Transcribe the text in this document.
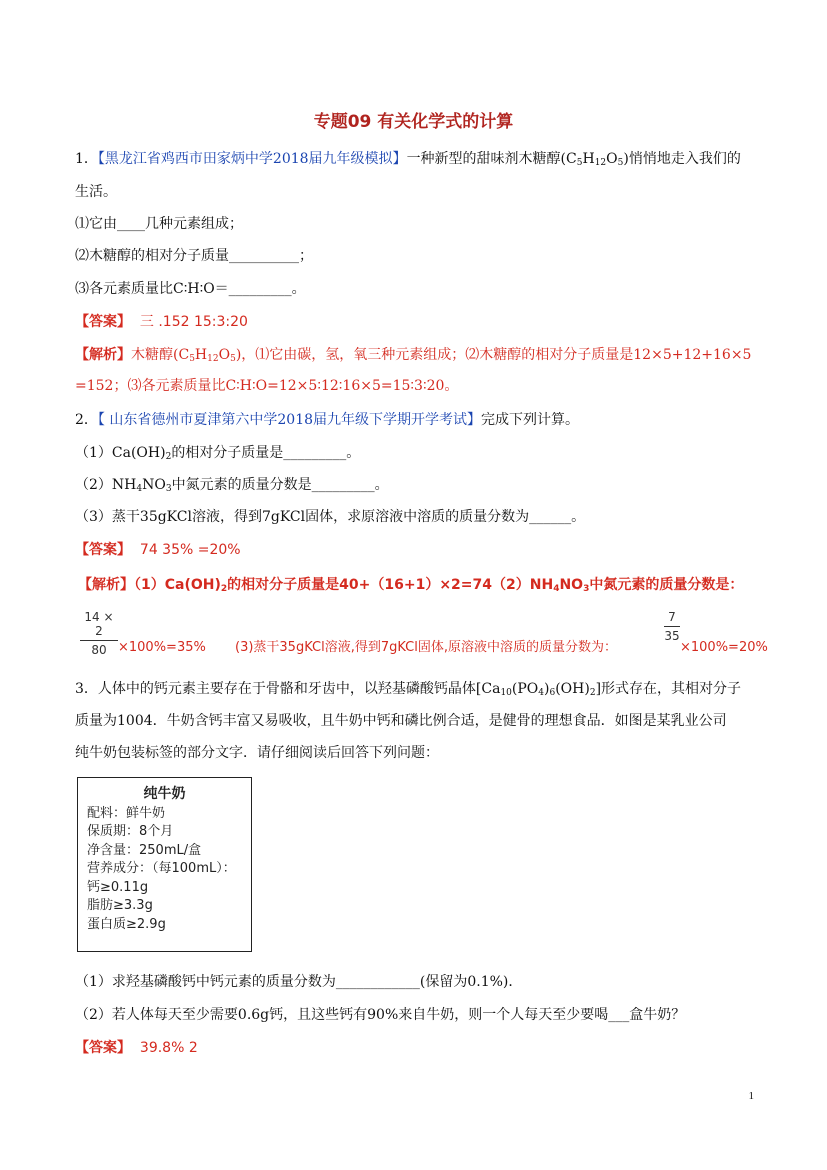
专题09 有关化学式的计算
1．【黑龙江省鸡西市田家炳中学2018届九年级模拟】一种新型的甜味剂木糖醇$(C_5H_{12}O_5)$悄悄地走入我们的
生活。
⑴它由____几种元素组成；
⑵木糖醇的相对分子质量__________；
⑶各元素质量比C∶H∶O＝_________。
【答案】 三 .152 15:3:20
【解析】木糖醇$(C_5H_{12}O_5)$，⑴它由碳，氢，氧三种元素组成；⑵木糖醇的相对分子质量是12×5+12+16×5
=152；⑶各元素质量比C∶H∶O=12×5∶12∶16×5=15∶3∶20。
2．【 山东省德州市夏津第六中学2018届九年级下学期开学考试】完成下列计算。
$(1)Ca(OH)_2$的相对分子质量是_________。
$(2)NH_4NO_3$中氮元素的质量分数是_________。
（3）蒸干35gKCl溶液，得到7gKCl固体，求原溶液中溶质的质量分数为______。
【答案】 74 35% =20%
【解析】$(1)Ca(OH)_2$的相对分子质量是$40+(16+1)\times 2=74(2)NH_4NO_3$中氮元素的质量分数是：
14 × 2
80 ×100%=35% (3)蒸干35gKCl溶液,得到7gKCl固体,原溶液中溶质的质量分数为：
7
35
×100%=20%
3．人体中的钙元素主要存在于骨骼和牙齿中，以羟基磷酸钙晶体$[Ca_{10}(PO_4)_6(OH)_2]$形式存在，其相对分子
质量为1004．牛奶含钙丰富又易吸收，且牛奶中钙和磷比例合适，是健骨的理想食品．如图是某乳业公司
纯牛奶包装标签的部分文字．请仔细阅读后回答下列问题：
纯牛奶
配料：鲜牛奶
保质期：8个月
净含量：250mL/盒
营养成分：（每100mL）：
钙≥0.11g
脂肪≥3.3g
蛋白质≥2.9g
（1）求羟基磷酸钙中钙元素的质量分数为____________(保留为0.1%)．
（2）若人体每天至少需要0.6g钙，且这些钙有90%来自牛奶，则一个人每天至少要喝___盒牛奶？
【答案】 39.8% 2
1
